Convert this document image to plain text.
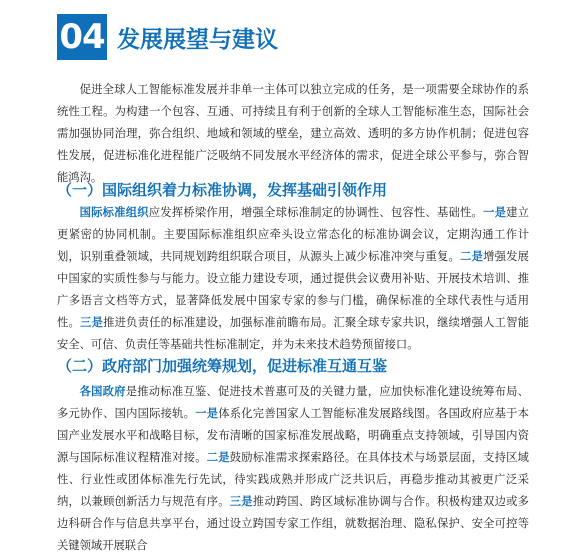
04 发展展望与建议

促进全球人工智能标准发展并非单一主体可以独立完成的任务，是一项需要全球协作的系统性工程。为构建一个包容、互通、可持续且有利于创新的全球人工智能标准生态，国际社会需加强协同治理，弥合组织、地域和领域的壁垒，建立高效、透明的多方协作机制；促进包容性发展，促进标准化进程能广泛吸纳不同发展水平经济体的需求，促进全球公平参与，弥合智能鸿沟。

（一）国际组织着力标准协调，发挥基础引领作用

国际标准组织应发挥桥梁作用，增强全球标准制定的协调性、包容性、基础性。一是建立更紧密的协同机制。主要国际标准组织应牵头设立常态化的标准协调会议，定期沟通工作计划，识别重叠领域，共同规划跨组织联合项目，从源头上减少标准冲突与重复。二是增强发展中国家的实质性参与与能力。设立能力建设专项，通过提供会议费用补贴、开展技术培训、推广多语言文档等方式，显著降低发展中国家专家的参与门槛，确保标准的全球代表性与适用性。三是推进负责任的标准建设，加强标准前瞻布局。汇聚全球专家共识，继续增强人工智能安全、可信、负责任等基础共性标准制定，并为未来技术趋势预留接口。

（二）政府部门加强统筹规划，促进标准互通互鉴

各国政府是推动标准互鉴、促进技术普惠可及的关键力量，应加快标准化建设统筹布局、多元协作、国内国际接轨。一是体系化完善国家人工智能标准发展路线图。各国政府应基于本国产业发展水平和战略目标，发布清晰的国家标准发展战略，明确重点支持领域，引导国内资源与国际标准议程精准对接。二是鼓励标准需求探索路径。在具体技术与场景层面，支持区域性、行业性或团体标准先行先试，待实践成熟并形成广泛共识后，再稳步推动其被更广泛采纳，以兼顾创新活力与规范有序。三是推动跨国、跨区域标准协调与合作。积极构建双边或多边科研合作与信息共享平台，通过设立跨国专家工作组，就数据治理、隐私保护、安全可控等关键领域开展联合
